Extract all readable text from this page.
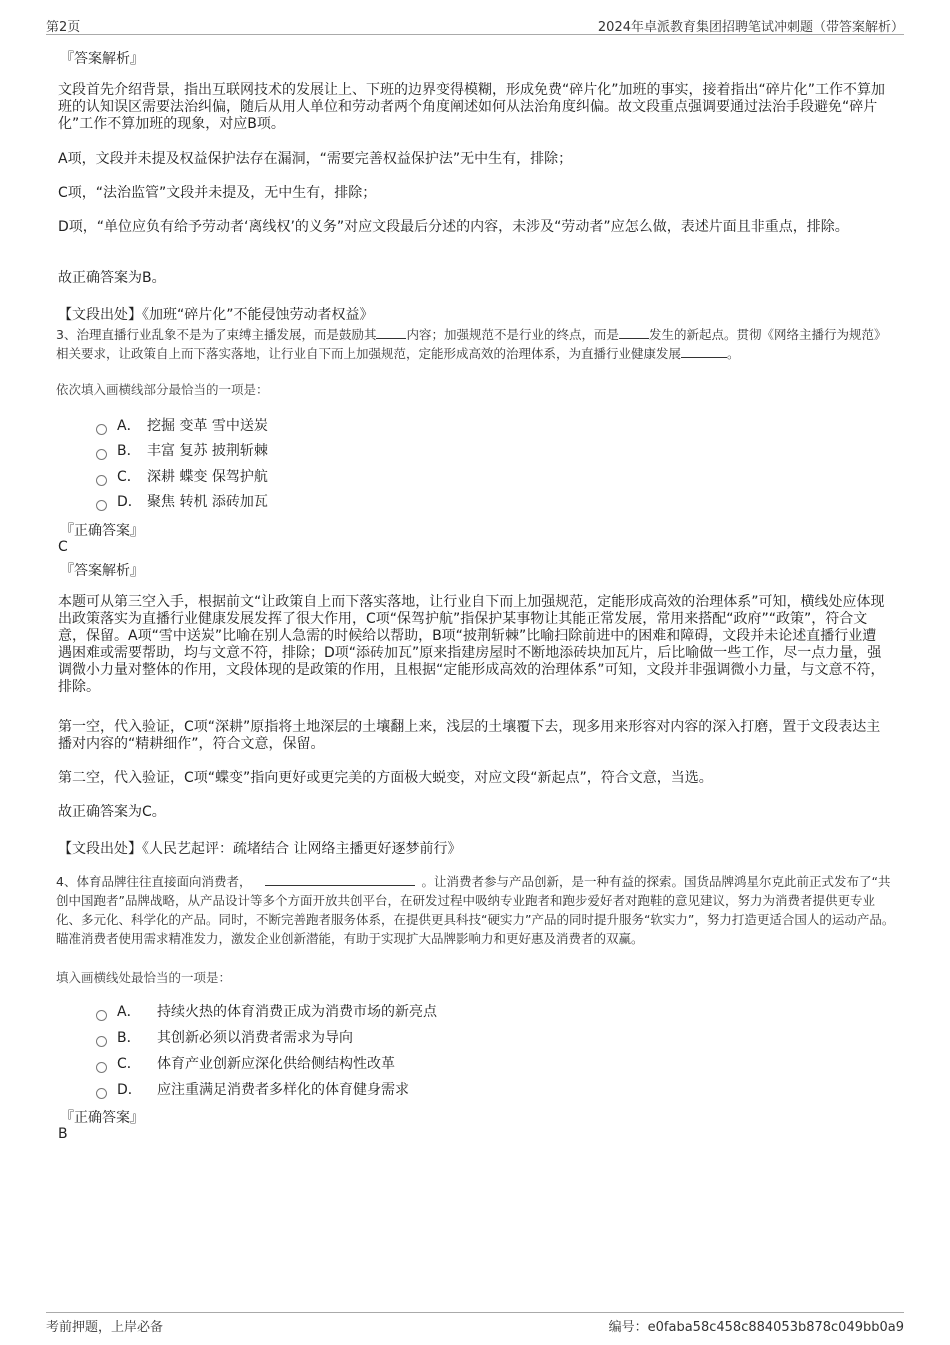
第2页	2024年卓派教育集团招聘笔试冲刺题（带答案解析）
『答案解析』
文段首先介绍背景，指出互联网技术的发展让上、下班的边界变得模糊，形成免费“碎片化”加班的事实，接着指出“碎片化”工作不算加班的认知误区需要法治纠偏，随后从用人单位和劳动者两个角度阐述如何从法治角度纠偏。故文段重点强调要通过法治手段避免“碎片化”工作不算加班的现象，对应B项。
A项，文段并未提及权益保护法存在漏洞，“需要完善权益保护法”无中生有，排除；
C项，“法治监管”文段并未提及，无中生有，排除；
D项，“单位应负有给予劳动者‘离线权’的义务”对应文段最后分述的内容，未涉及“劳动者”应怎么做，表述片面且非重点，排除。
故正确答案为B。
【文段出处】《加班“碎片化”不能侵蚀劳动者权益》
3、治理直播行业乱象不是为了束缚主播发展，而是鼓励其 内容；加强规范不是行业的终点，而是 发生的新起点。贯彻《网络主播行为规范》相关要求，让政策自上而下落实落地，让行业自下而上加强规范，定能形成高效的治理体系，为直播行业健康发展	。
依次填入画横线部分最恰当的一项是：
A． 挖掘 变革 雪中送炭
B． 丰富 复苏 披荆斩棘
C． 深耕 蝶变 保驾护航
D． 聚焦 转机 添砖加瓦
『正确答案』
C
『答案解析』
本题可从第三空入手，根据前文“让政策自上而下落实落地，让行业自下而上加强规范，定能形成高效的治理体系”可知，横线处应体现出政策落实为直播行业健康发展发挥了很大作用，C项“保驾护航”指保护某事物让其能正常发展，常用来搭配“政府”“政策”，符合文意，保留。A项“雪中送炭”比喻在别人急需的时候给以帮助，B项“披荆斩棘”比喻扫除前进中的困难和障碍，文段并未论述直播行业遭遇困难或需要帮助，均与文意不符，排除；D项“添砖加瓦”原来指建房屋时不断地添砖块加瓦片，后比喻做一些工作，尽一点力量，强调微小力量对整体的作用，文段体现的是政策的作用，且根据“定能形成高效的治理体系”可知，文段并非强调微小力量，与文意不符，排除。
第一空，代入验证，C项“深耕”原指将土地深层的土壤翻上来，浅层的土壤覆下去，现多用来形容对内容的深入打磨，置于文段表达主播对内容的“精耕细作”，符合文意，保留。
第二空，代入验证，C项“蝶变”指向更好或更完美的方面极大蜕变，对应文段“新起点”，符合文意，当选。
故正确答案为C。
【文段出处】《人民艺起评：疏堵结合 让网络主播更好逐梦前行》
4、体育品牌往往直接面向消费者，	。让消费者参与产品创新，是一种有益的探索。国货品牌鸿星尔克此前正式发布了“共创中国跑者”品牌战略，从产品设计等多个方面开放共创平台，在研发过程中吸纳专业跑者和跑步爱好者对跑鞋的意见建议，努力为消费者提供更专业化、多元化、科学化的产品。同时，不断完善跑者服务体系，在提供更具科技“硬实力”产品的同时提升服务“软实力”，努力打造更适合国人的运动产品。瞄准消费者使用需求精准发力，激发企业创新潜能，有助于实现扩大品牌影响力和更好惠及消费者的双赢。
填入画横线处最恰当的一项是：
A． 持续火热的体育消费正成为消费市场的新亮点
B． 其创新必须以消费者需求为导向
C． 体育产业创新应深化供给侧结构性改革
D． 应注重满足消费者多样化的体育健身需求
『正确答案』
B
考前押题，上岸必备	编号：e0faba58c458c884053b878c049bb0a9
